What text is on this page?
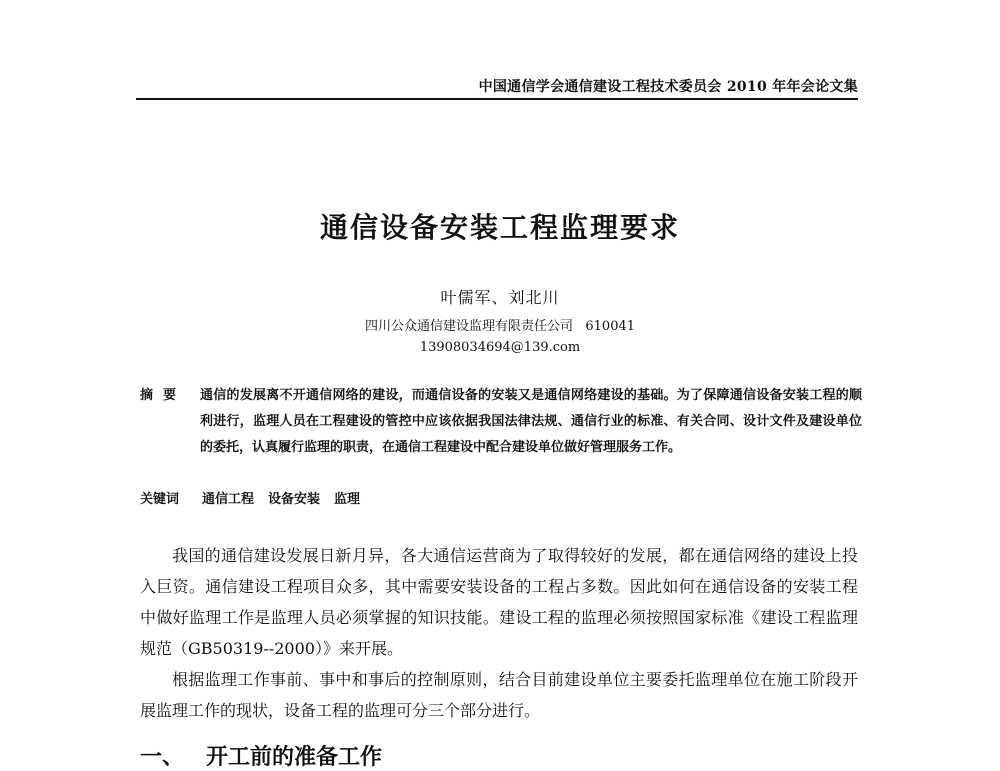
中国通信学会通信建设工程技术委员会 2010 年年会论文集
通信设备安装工程监理要求
叶儒军、刘北川
四川公众通信建设监理有限责任公司   610041
13908034694@139.com
摘要	通信的发展离不开通信网络的建设，而通信设备的安装又是通信网络建设的基础。为了保障通信设备安装工程的顺利进行，监理人员在工程建设的管控中应该依据我国法律法规、通信行业的标准、有关合同、设计文件及建设单位的委托，认真履行监理的职责，在通信工程建设中配合建设单位做好管理服务工作。
关键词 通信工程 设备安装 监理

我国的通信建设发展日新月异，各大通信运营商为了取得较好的发展，都在通信网络的建设上投入巨资。通信建设工程项目众多，其中需要安装设备的工程占多数。因此如何在通信设备的安装工程中做好监理工作是监理人员必须掌握的知识技能。建设工程的监理必须按照国家标准《建设工程监理规范（GB50319--2000）》来开展。

根据监理工作事前、事中和事后的控制原则，结合目前建设单位主要委托监理单位在施工阶段开展监理工作的现状，设备工程的监理可分三个部分进行。

一、 开工前的准备工作
